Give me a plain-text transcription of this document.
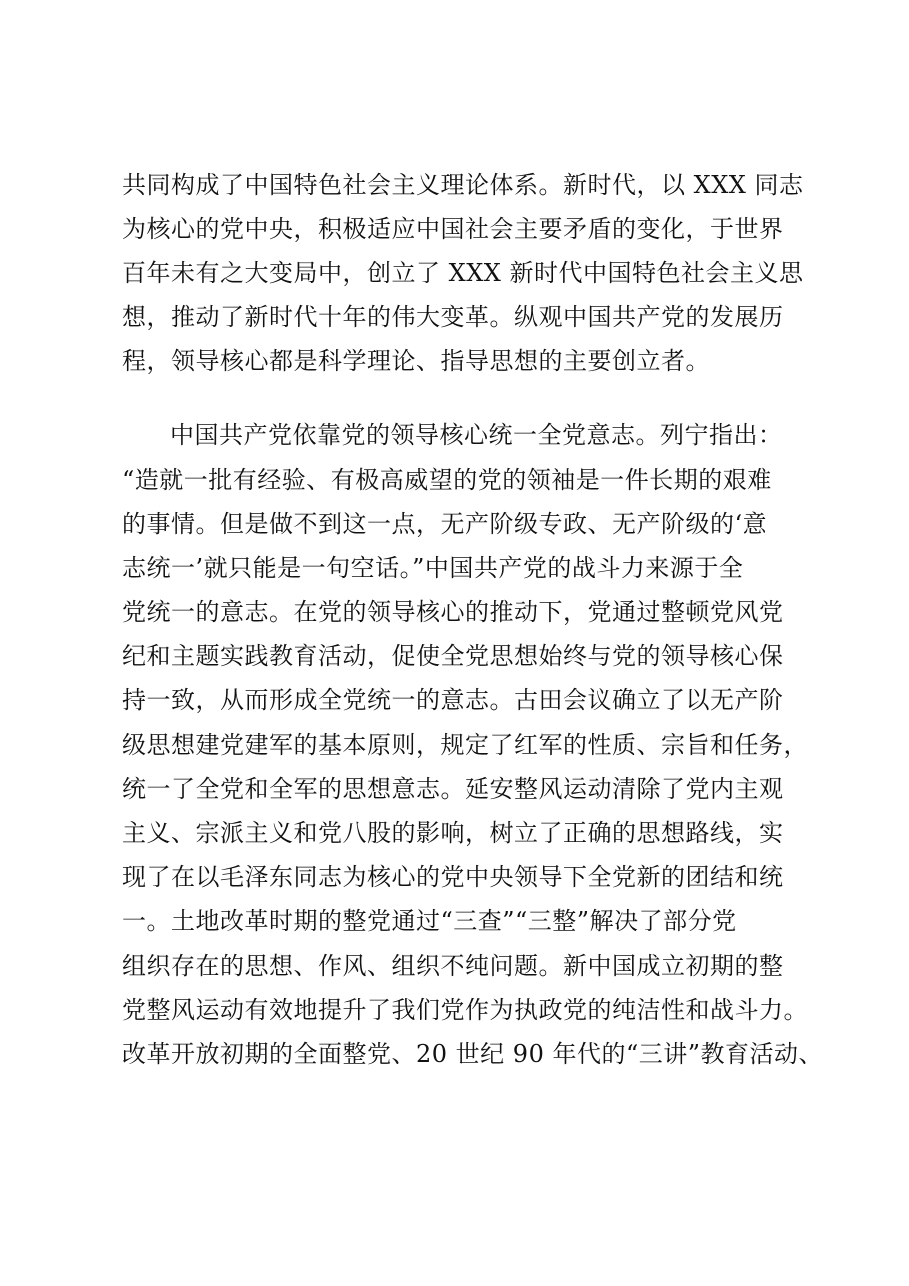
共同构成了中国特色社会主义理论体系。新时代，以 XXX 同志
为核心的党中央，积极适应中国社会主要矛盾的变化，于世界
百年未有之大变局中，创立了 XXX 新时代中国特色社会主义思
想，推动了新时代十年的伟大变革。纵观中国共产党的发展历
程，领导核心都是科学理论、指导思想的主要创立者。
中国共产党依靠党的领导核心统一全党意志。列宁指出：
“造就一批有经验、有极高威望的党的领袖是一件长期的艰难
的事情。但是做不到这一点，无产阶级专政、无产阶级的‘意
志统一’就只能是一句空话。”中国共产党的战斗力来源于全
党统一的意志。在党的领导核心的推动下，党通过整顿党风党
纪和主题实践教育活动，促使全党思想始终与党的领导核心保
持一致，从而形成全党统一的意志。古田会议确立了以无产阶
级思想建党建军的基本原则，规定了红军的性质、宗旨和任务，
统一了全党和全军的思想意志。延安整风运动清除了党内主观
主义、宗派主义和党八股的影响，树立了正确的思想路线，实
现了在以毛泽东同志为核心的党中央领导下全党新的团结和统
一。土地改革时期的整党通过“三查”“三整”解决了部分党
组织存在的思想、作风、组织不纯问题。新中国成立初期的整
党整风运动有效地提升了我们党作为执政党的纯洁性和战斗力。
改革开放初期的全面整党、20 世纪 90 年代的“三讲”教育活动、
